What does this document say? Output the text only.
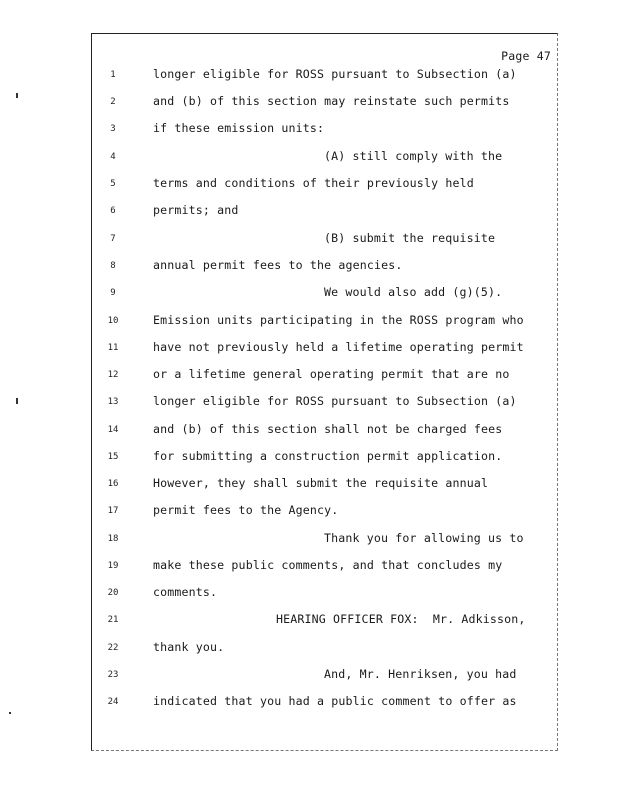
Page 47
1	longer eligible for ROSS pursuant to Subsection (a)
2	and (b) of this section may reinstate such permits
3	if these emission units:
4	(A) still comply with the
5	terms and conditions of their previously held
6	permits; and
7	(B) submit the requisite
8	annual permit fees to the agencies.
9	We would also add (g)(5).
10	Emission units participating in the ROSS program who
11	have not previously held a lifetime operating permit
12	or a lifetime general operating permit that are no
13	longer eligible for ROSS pursuant to Subsection (a)
14	and (b) of this section shall not be charged fees
15	for submitting a construction permit application.
16	However, they shall submit the requisite annual
17	permit fees to the Agency.
18	Thank you for allowing us to
19	make these public comments, and that concludes my
20	comments.
21	HEARING OFFICER FOX:  Mr. Adkisson,
22	thank you.
23	And, Mr. Henriksen, you had
24	indicated that you had a public comment to offer as
